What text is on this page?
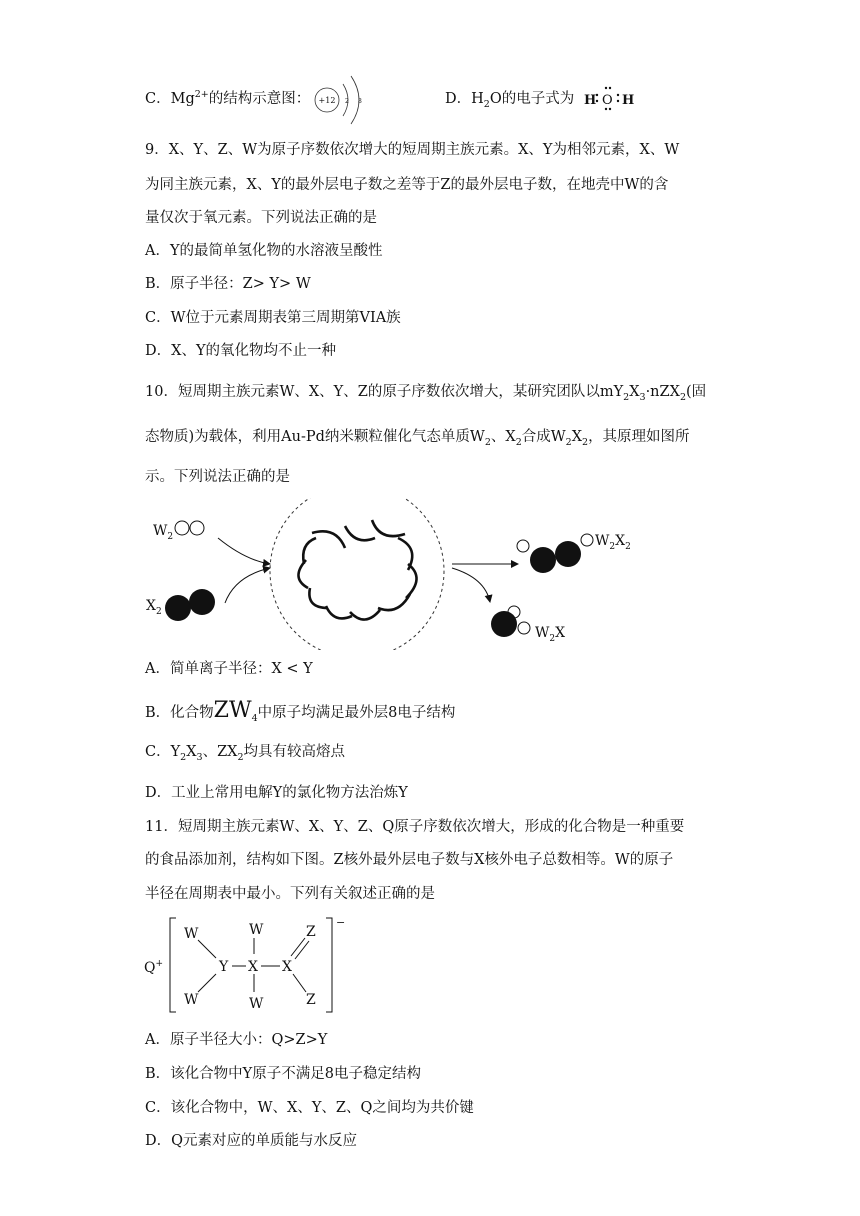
C．$Mg^{2+}$的结构示意图： +12 2 8	D．$H_2O$的电子式为 H O H
9．X、Y、Z、W为原子序数依次增大的短周期主族元素。X、Y为相邻元素，X、W
为同主族元素，X、Y的最外层电子数之差等于Z的最外层电子数，在地壳中W的含
量仅次于氧元素。下列说法正确的是
A．Y的最简单氢化物的水溶液呈酸性
B．原子半径：Z> Y> W
C．W位于元素周期表第三周期第VIA族
D．X、Y的氧化物均不止一种
10．短周期主族元素W、X、Y、Z的原子序数依次增大，某研究团队以$mY_2X_3\cdot nZX_2$(固
态物质)为载体，利用Au-Pd纳米颗粒催化气态单质$W_2$、$X_2$合成$W_2X_2$，其原理如图所
示。下列说法正确的是
$W_2$
$X_2$
$W_2X_2$
$W_2X$
A．简单离子半径：X < Y
B．化合物$ZW_4$中原子均满足最外层8电子结构
C．$Y_2X_3$、$ZX_2$均具有较高熔点
D．工业上常用电解Y的氯化物方法治炼Y
11．短周期主族元素W、X、Y、Z、Q原子序数依次增大，形成的化合物是一种重要
的食品添加剂，结构如下图。Z核外最外层电子数与X核外电子总数相等。W的原子
半径在周期表中最小。下列有关叙述正确的是
Q+
−
W
W
Y X
W
W
X
Z
Z
A．原子半径大小：Q>Z>Y
B．该化合物中Y原子不满足8电子稳定结构
C．该化合物中，W、X、Y、Z、Q之间均为共价键
D．Q元素对应的单质能与水反应
